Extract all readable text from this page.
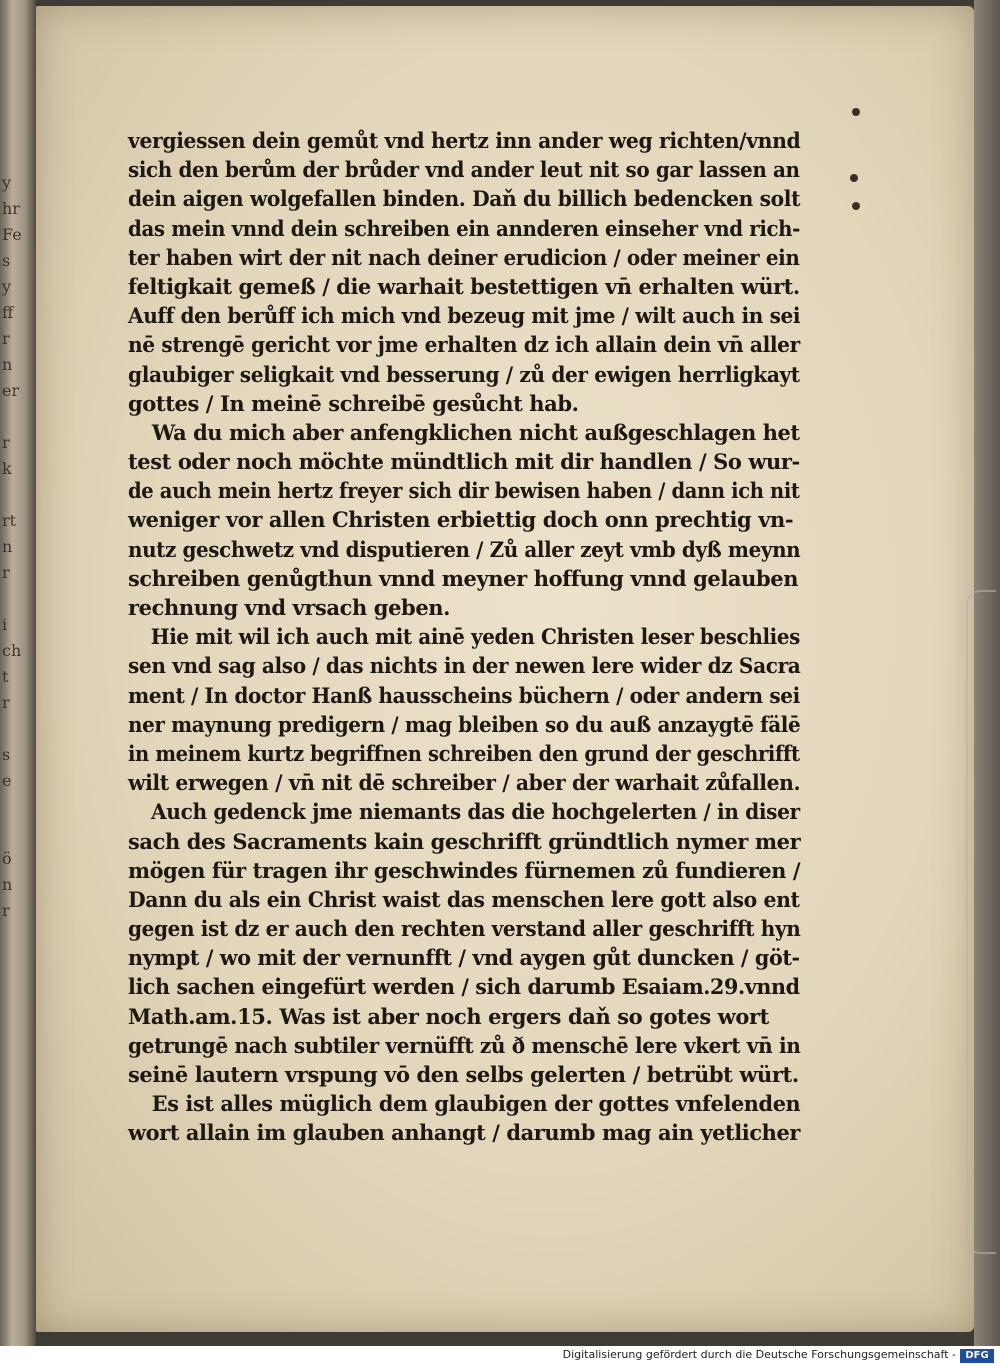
y
hr
Fe
s
y
ff
r
n
er

r
k

rt
n
r

i
ch
t
r

s
e

ö
n
r
vergiessen dein gemůt vnd hertz inn ander weg richten/vnnd
sich den berům der brůder vnd ander leut nit so gar lassen an
dein aigen wolgefallen binden. Daň du billich bedencken solt
das mein vnnd dein schreiben ein annderen einseher vnd rich-
ter haben wirt der nit nach deiner erudicion / oder meiner ein
feltigkait gemeß / die warhait bestettigen vn̄ erhalten würt.
Auff den berůff ich mich vnd bezeug mit jme / wilt auch in sei
nē strengē gericht vor jme erhalten dz ich allain dein vn̄ aller
glaubiger seligkait vnd besserung / zů der ewigen herrligkayt
gottes / In meinē schreibē gesůcht hab.
Wa du mich aber anfengklichen nicht außgeschlagen het
test oder noch möchte mündtlich mit dir handlen / So wur-
de auch mein hertz freyer sich dir bewisen haben / dann ich nit
weniger vor allen Christen erbiettig doch onn prechtig vn-
nutz geschwetz vnd disputieren / Zů aller zeyt vmb dyß meynn
schreiben genůgthun vnnd meyner hoffung vnnd gelauben
rechnung vnd vrsach geben.
Hie mit wil ich auch mit ainē yeden Christen leser beschlies
sen vnd sag also / das nichts in der newen lere wider dz Sacra
ment / In doctor Hanß hausscheins büchern / oder andern sei
ner maynung predigern / mag bleiben so du auß anzaygtē fälē
in meinem kurtz begriffnen schreiben den grund der geschrifft
wilt erwegen / vn̄ nit dē schreiber / aber der warhait zůfallen.
Auch gedenck jme niemants das die hochgelerten / in diser
sach des Sacraments kain geschrifft gründtlich nymer mer
mögen für tragen ihr geschwindes fürnemen zů fundieren /
Dann du als ein Christ waist das menschen lere gott also ent
gegen ist dz er auch den rechten verstand aller geschrifft hyn
nympt / wo mit der vernunfft / vnd aygen gůt duncken / göt-
lich sachen eingefürt werden / sich darumb Esaiam.29.vnnd
Math.am.15. Was ist aber noch ergers daň so gotes wort
getrungē nach subtiler vernüfft zů ð menschē lere vkert vn̄ in
seinē lautern vrspung vō den selbs gelerten / betrübt würt.
Es ist alles müglich dem glaubigen der gottes vnfelenden
wort allain im glauben anhangt / darumb mag ain yetlicher
Digitalisierung gefördert durch die Deutsche Forschungsgemeinschaft - DFG
